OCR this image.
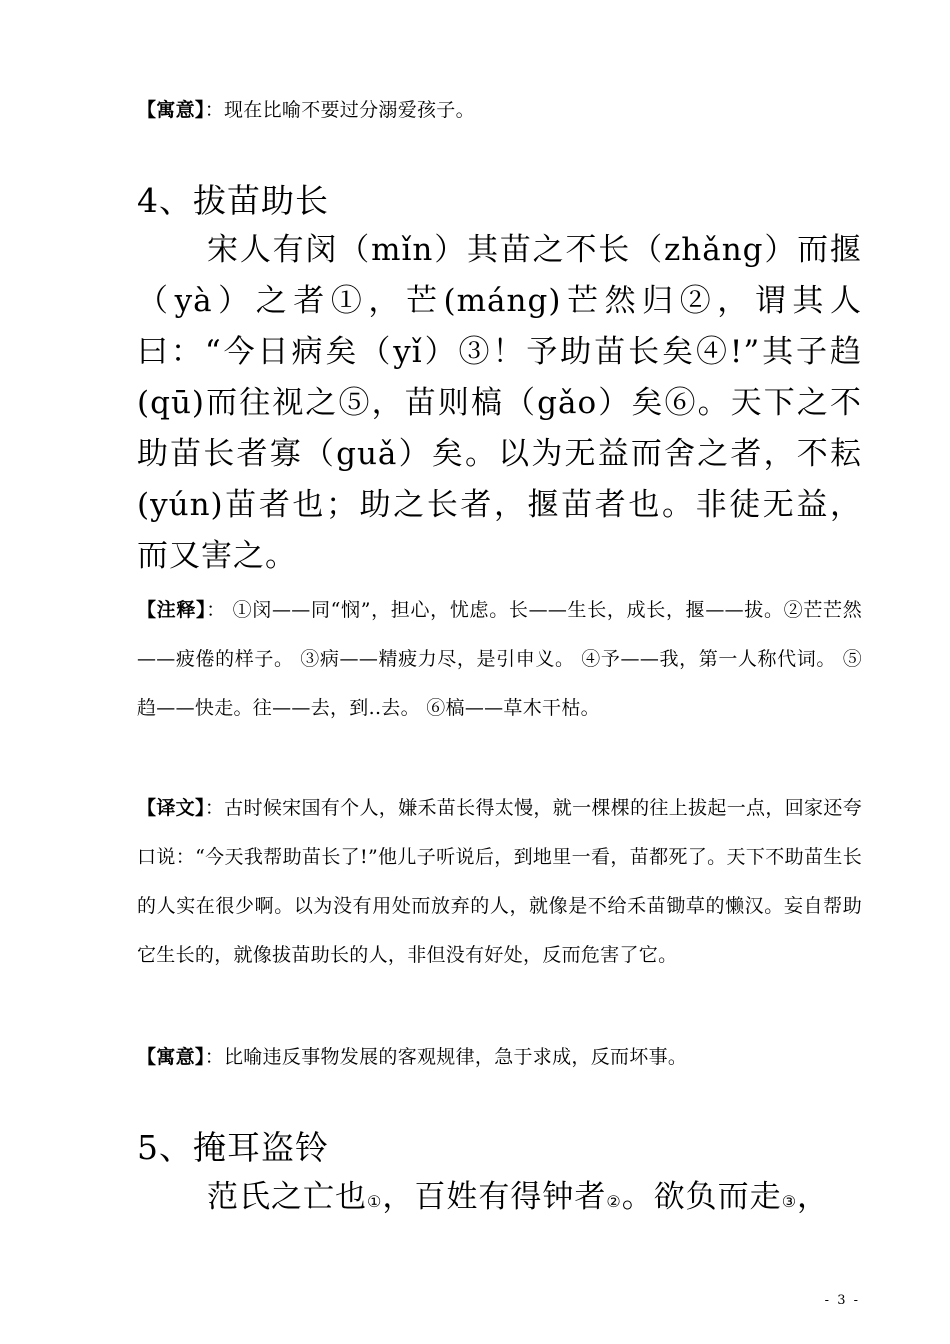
【寓意】：现在比喻不要过分溺爱孩子。

4、拔苗助长

宋人有闵（mǐn）其苗之不长（zhǎng）而揠（yà）之者①，芒(máng)芒然归②，谓其人曰：“今日病矣（yǐ）③！予助苗长矣④!”其子趋(qū)而往视之⑤，苗则槁（gǎo）矣⑥。天下之不助苗长者寡（guǎ）矣。以为无益而舍之者，不耘(yún)苗者也；助之长者，揠苗者也。非徒无益，而又害之。

【注释】： ①闵——同“悯”，担心，忧虑。长——生长，成长，揠——拔。②芒芒然——疲倦的样子。 ③病——精疲力尽，是引申义。 ④予——我，第一人称代词。 ⑤趋——快走。往——去，到..去。 ⑥槁——草木干枯。

【译文】：古时候宋国有个人，嫌禾苗长得太慢，就一棵棵的往上拔起一点，回家还夸口说：“今天我帮助苗长了!”他儿子听说后，到地里一看，苗都死了。天下不助苗生长的人实在很少啊。以为没有用处而放弃的人，就像是不给禾苗锄草的懒汉。妄自帮助它生长的，就像拔苗助长的人，非但没有好处，反而危害了它。

【寓意】：比喻违反事物发展的客观规律，急于求成，反而坏事。

5、掩耳盗铃

范氏之亡也①，百姓有得钟者②。欲负而走③，

- 3 -
